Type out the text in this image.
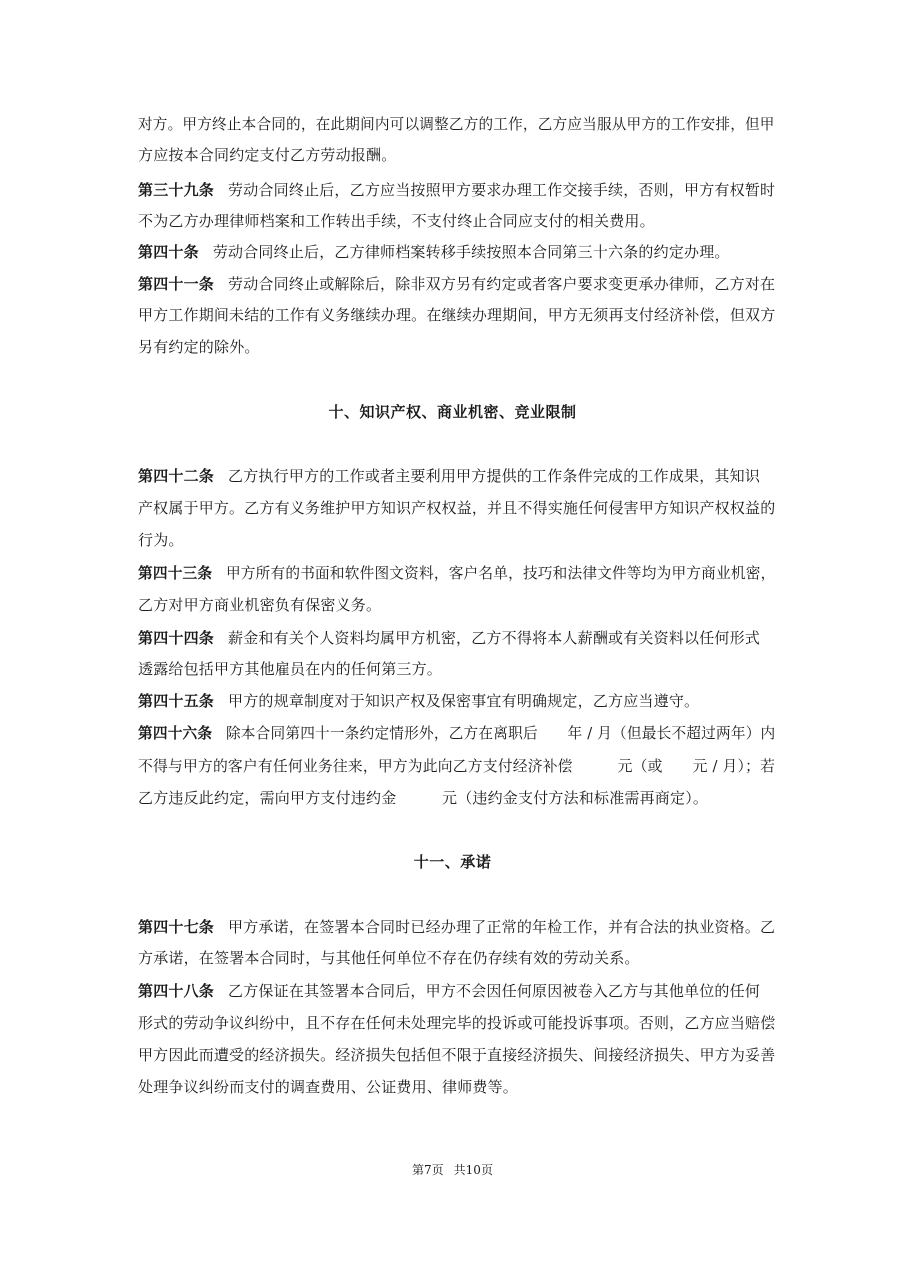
对方。甲方终止本合同的，在此期间内可以调整乙方的工作，乙方应当服从甲方的工作安排，但甲
方应按本合同约定支付乙方劳动报酬。
第三十九条 劳动合同终止后，乙方应当按照甲方要求办理工作交接手续，否则，甲方有权暂时
不为乙方办理律师档案和工作转出手续，不支付终止合同应支付的相关费用。
第四十条 劳动合同终止后，乙方律师档案转移手续按照本合同第三十六条的约定办理。
第四十一条 劳动合同终止或解除后，除非双方另有约定或者客户要求变更承办律师，乙方对在
甲方工作期间未结的工作有义务继续办理。在继续办理期间，甲方无须再支付经济补偿，但双方
另有约定的除外。
十、知识产权、商业机密、竞业限制
第四十二条 乙方执行甲方的工作或者主要利用甲方提供的工作条件完成的工作成果，其知识
产权属于甲方。乙方有义务维护甲方知识产权权益，并且不得实施任何侵害甲方知识产权权益的
行为。
第四十三条 甲方所有的书面和软件图文资料，客户名单，技巧和法律文件等均为甲方商业机密，
乙方对甲方商业机密负有保密义务。
第四十四条 薪金和有关个人资料均属甲方机密，乙方不得将本人薪酬或有关资料以任何形式
透露给包括甲方其他雇员在内的任何第三方。
第四十五条 甲方的规章制度对于知识产权及保密事宜有明确规定，乙方应当遵守。
第四十六条 除本合同第四十一条约定情形外，乙方在离职后　　年 / 月（但最长不超过两年）内
不得与甲方的客户有任何业务往来，甲方为此向乙方支付经济补偿　　　元（或　　元 / 月）；若
乙方违反此约定，需向甲方支付违约金　　　元（违约金支付方法和标准需再商定）。
十一、承诺
第四十七条 甲方承诺，在签署本合同时已经办理了正常的年检工作，并有合法的执业资格。乙
方承诺，在签署本合同时，与其他任何单位不存在仍存续有效的劳动关系。
第四十八条 乙方保证在其签署本合同后，甲方不会因任何原因被卷入乙方与其他单位的任何
形式的劳动争议纠纷中，且不存在任何未处理完毕的投诉或可能投诉事项。否则，乙方应当赔偿
甲方因此而遭受的经济损失。经济损失包括但不限于直接经济损失、间接经济损失、甲方为妥善
处理争议纠纷而支付的调查费用、公证费用、律师费等。
第7页 共10页
